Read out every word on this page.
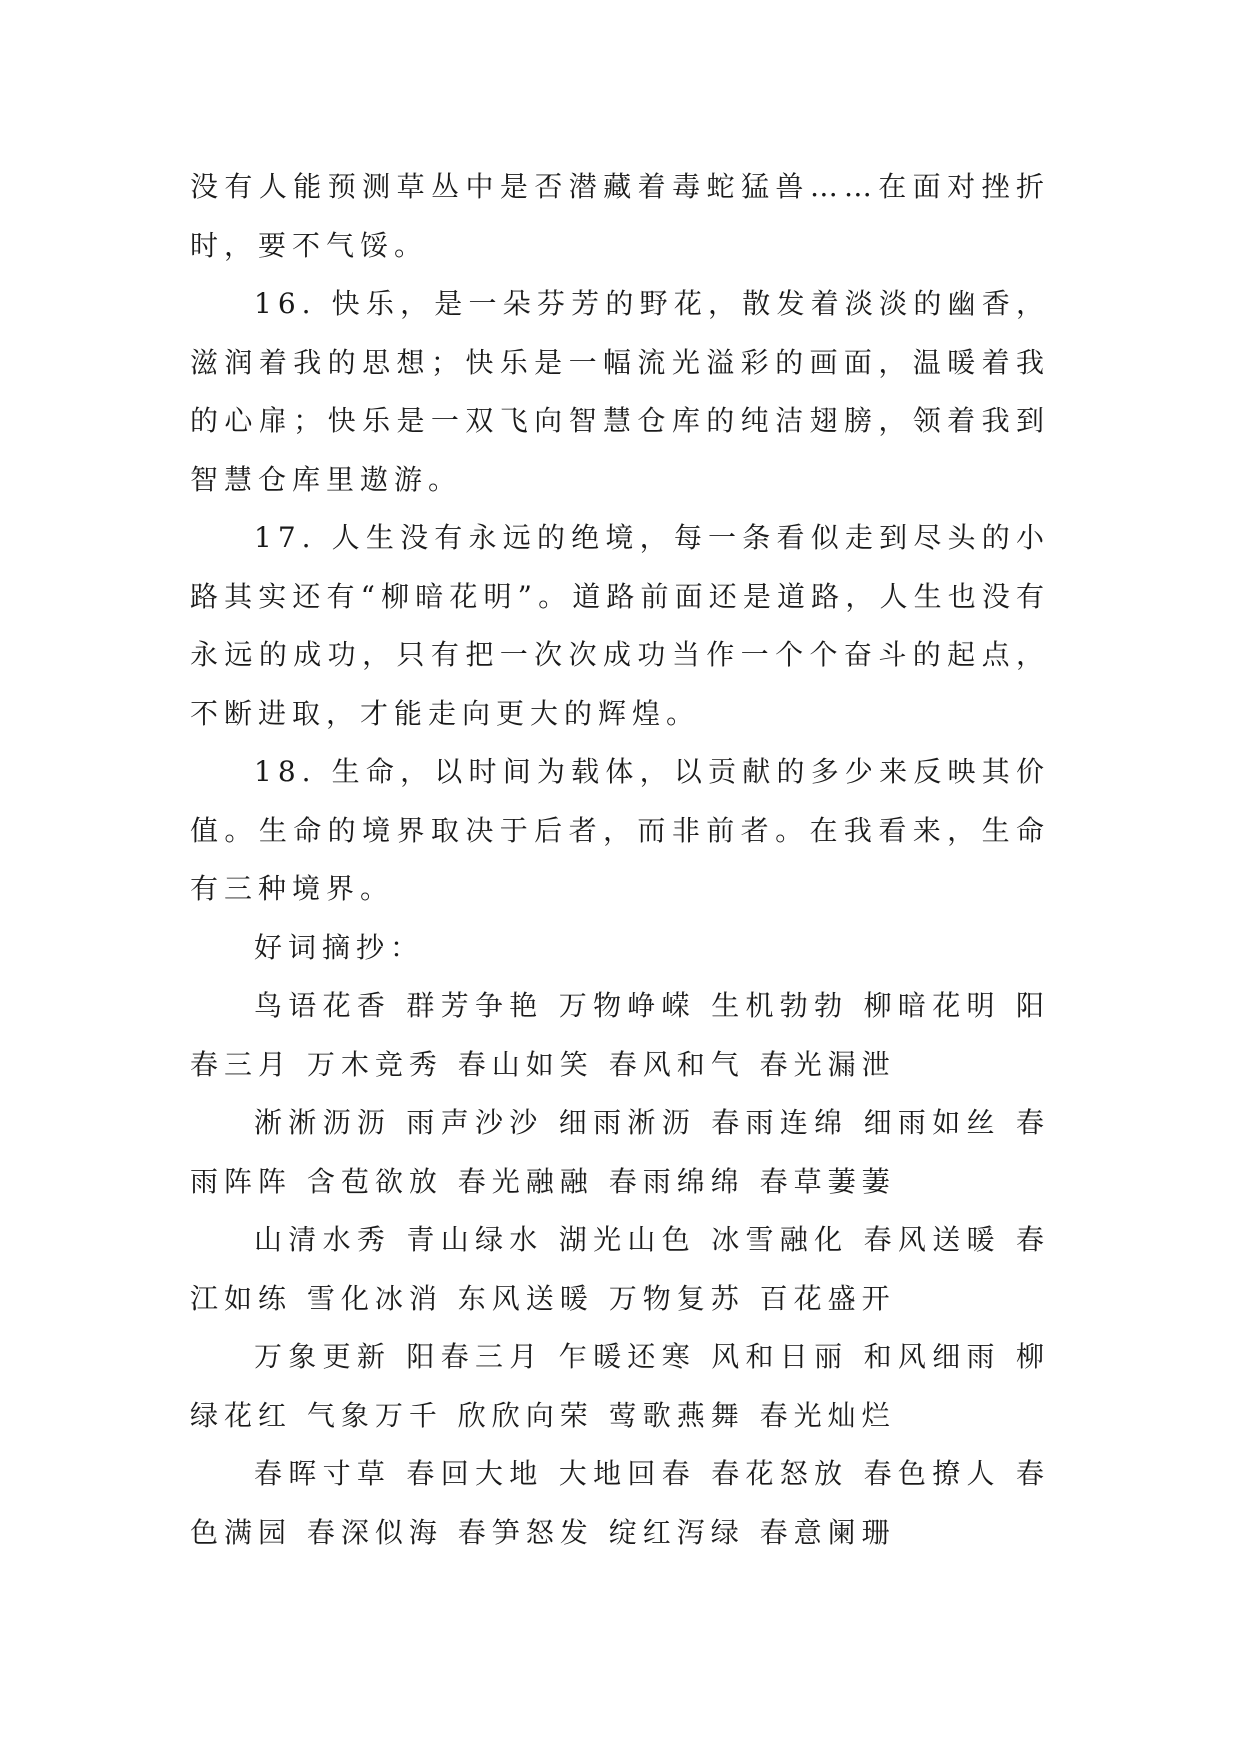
没有人能预测草丛中是否潜藏着毒蛇猛兽……在面对挫折时，要不气馁。

16. 快乐，是一朵芬芳的野花，散发着淡淡的幽香，滋润着我的思想；快乐是一幅流光溢彩的画面，温暖着我的心扉；快乐是一双飞向智慧仓库的纯洁翅膀，领着我到智慧仓库里遨游。

17. 人生没有永远的绝境，每一条看似走到尽头的小路其实还有“柳暗花明”。道路前面还是道路，人生也没有永远的成功，只有把一次次成功当作一个个奋斗的起点，不断进取，才能走向更大的辉煌。

18. 生命，以时间为载体，以贡献的多少来反映其价值。生命的境界取决于后者，而非前者。在我看来，生命有三种境界。

好词摘抄：

鸟语花香 群芳争艳 万物峥嵘 生机勃勃 柳暗花明 阳春三月 万木竞秀 春山如笑 春风和气 春光漏泄

淅淅沥沥 雨声沙沙 细雨淅沥 春雨连绵 细雨如丝 春雨阵阵 含苞欲放 春光融融 春雨绵绵 春草萋萋

山清水秀 青山绿水 湖光山色 冰雪融化 春风送暖 春江如练 雪化冰消 东风送暖 万物复苏 百花盛开

万象更新 阳春三月 乍暖还寒 风和日丽 和风细雨 柳绿花红 气象万千 欣欣向荣 莺歌燕舞 春光灿烂

春晖寸草 春回大地 大地回春 春花怒放 春色撩人 春色满园 春深似海 春笋怒发 绽红泻绿 春意阑珊
